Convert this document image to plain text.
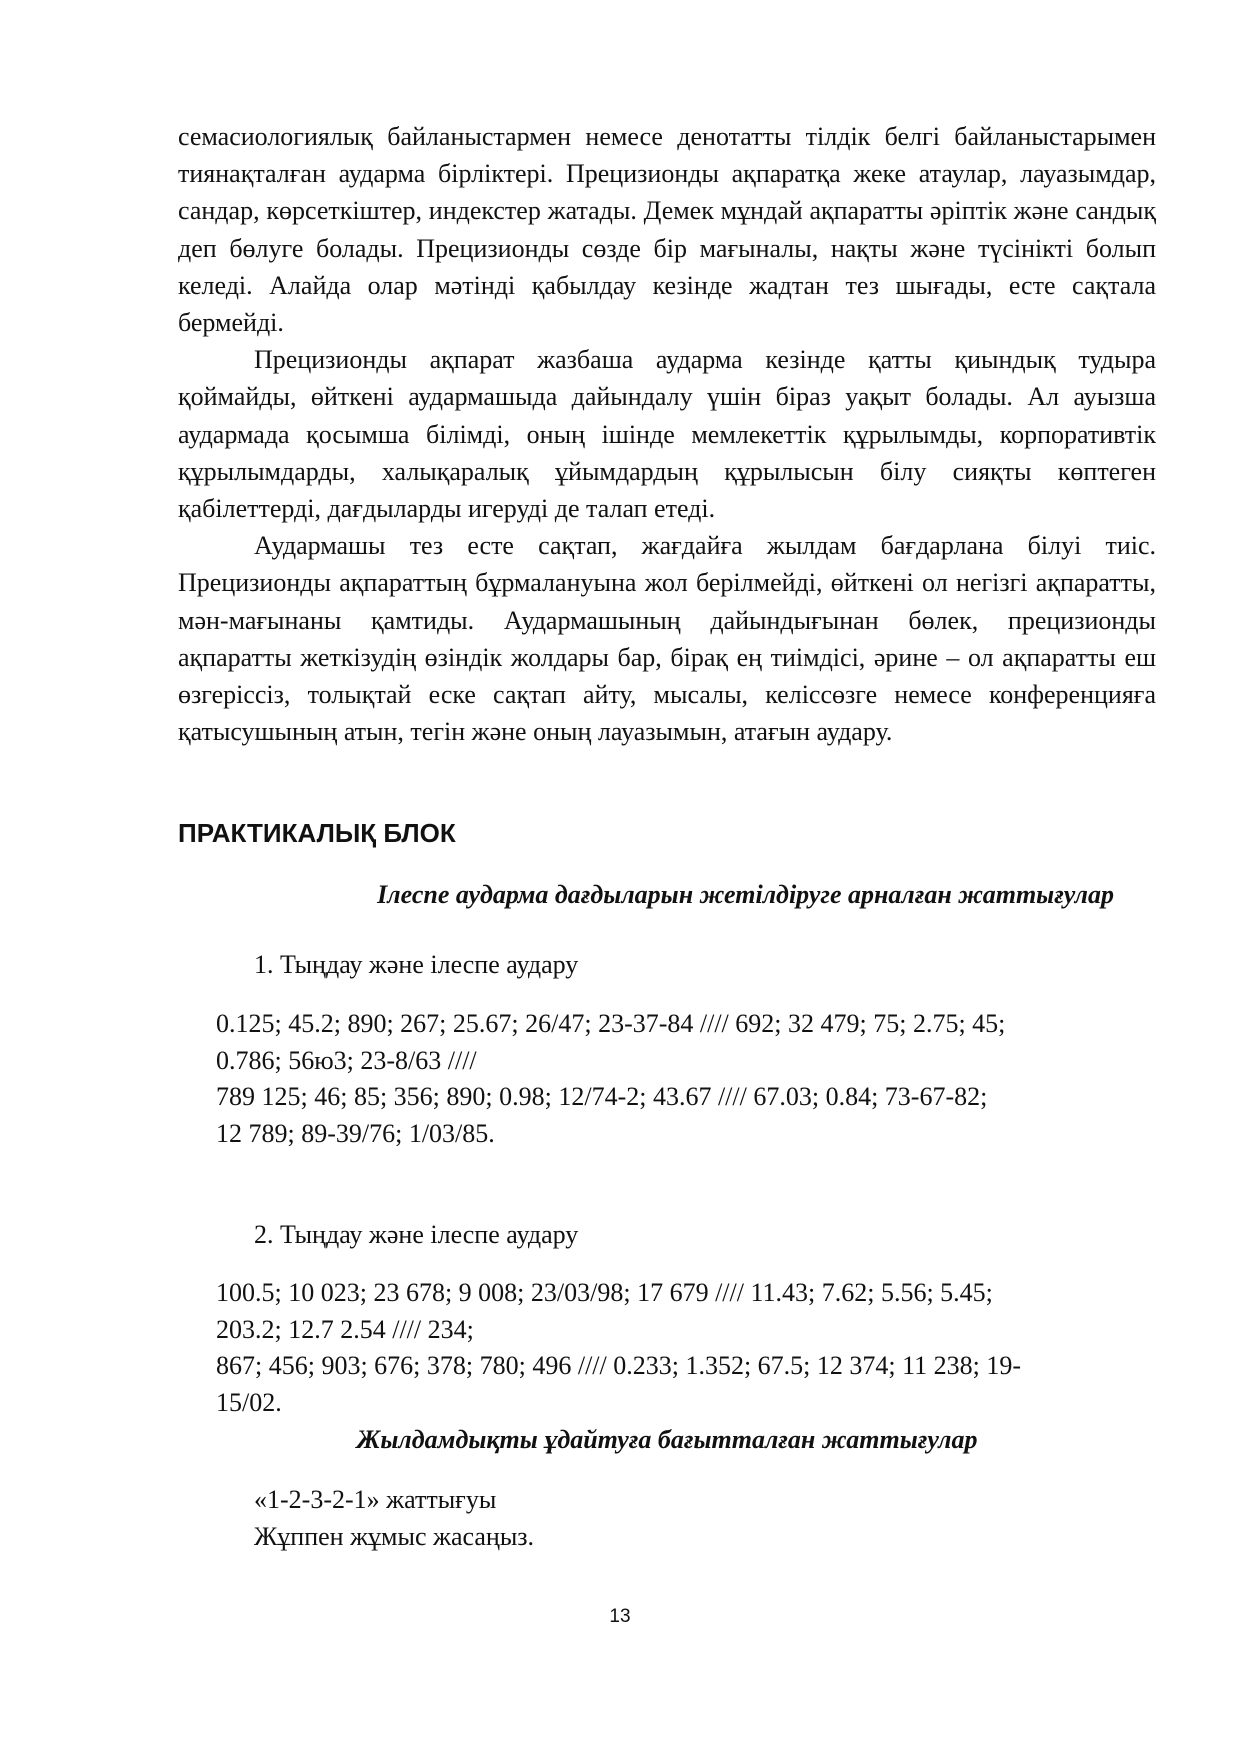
семасиологиялық байланыстармен немесе денотатты тілдік белгі байланыстарымен тиянақталған аударма бірліктері. Прецизионды ақпаратқа жеке атаулар, лауазымдар, сандар, көрсеткіштер, индекстер жатады. Демек мұндай ақпаратты әріптік және сандық деп бөлуге болады. Прецизионды сөзде бір мағыналы, нақты және түсінікті болып келеді. Алайда олар мәтінді қабылдау кезінде жадтан тез шығады, есте сақтала бермейді.

Прецизионды ақпарат жазбаша аударма кезінде қатты қиындық тудыра қоймайды, өйткені аудармашыда дайындалу үшін біраз уақыт болады. Ал ауызша аудармада қосымша білімді, оның ішінде мемлекеттік құрылымды, корпоративтік құрылымдарды, халықаралық ұйымдардың құрылысын білу сияқты көптеген қабілеттерді, дағдыларды игеруді де талап етеді.

Аудармашы тез есте сақтап, жағдайға жылдам бағдарлана білуі тиіс. Прецизионды ақпараттың бұрмалануына жол берілмейді, өйткені ол негізгі ақпаратты, мән-мағынаны қамтиды. Аудармашының дайындығынан бөлек, прецизионды ақпаратты жеткізудің өзіндік жолдары бар, бірақ ең тиімдісі, әрине – ол ақпаратты еш өзгеріссіз, толықтай еске сақтап айту, мысалы, келіссөзге немесе конференцияға қатысушының атын, тегін және оның лауазымын, атағын аудару.

ПРАКТИКАЛЫҚ БЛОК

Ілеспе аударма дағдыларын жетілдіруге арналған жаттығулар

1. Тыңдау және ілеспе аудару

0.125; 45.2; 890; 267; 25.67; 26/47; 23-37-84 //// 692; 32 479; 75; 2.75; 45;

0.786; 56ю3; 23-8/63 ////

789 125; 46; 85; 356; 890; 0.98; 12/74-2; 43.67 //// 67.03; 0.84; 73-67-82;

12 789; 89-39/76; 1/03/85.

2. Тыңдау және ілеспе аудару

100.5; 10 023; 23 678; 9 008; 23/03/98; 17 679 //// 11.43; 7.62; 5.56; 5.45;

203.2; 12.7 2.54 //// 234;

867; 456; 903; 676; 378; 780; 496 //// 0.233; 1.352; 67.5; 12 374; 11 238; 19-

15/02.

Жылдамдықты ұдайтуға бағытталған жаттығулар

«1-2-3-2-1» жаттығуы

Жұппен жұмыс жасаңыз.

13
